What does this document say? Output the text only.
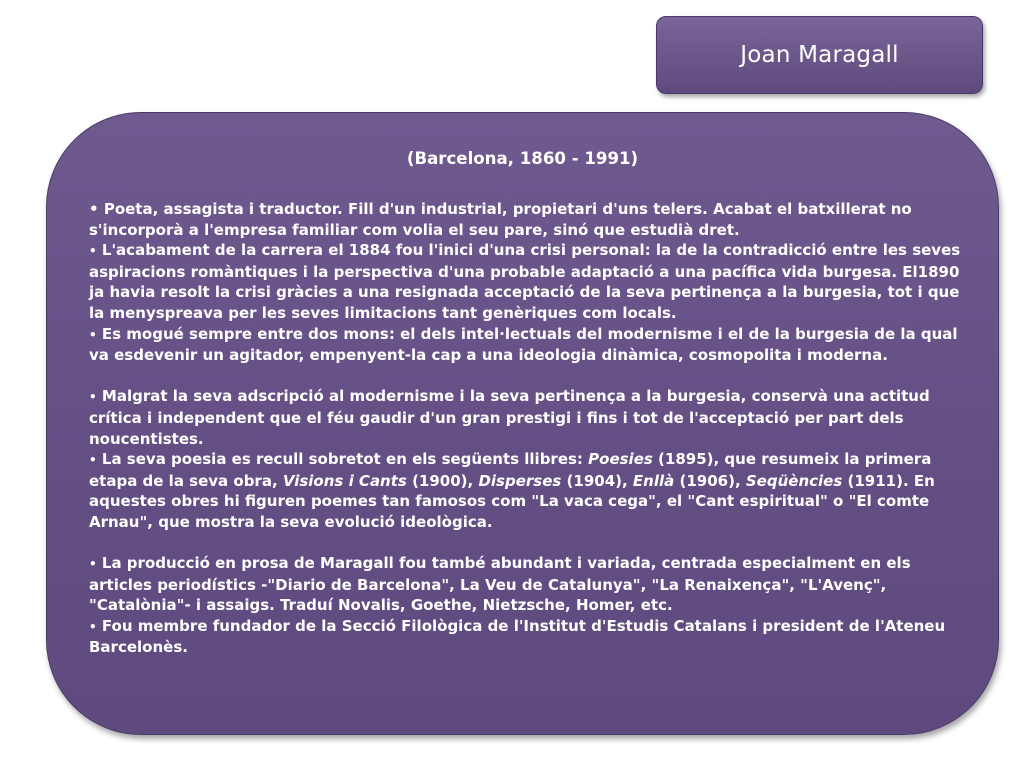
Joan Maragall
(Barcelona, 1860 - 1991)

• Poeta, assagista i traductor. Fill d'un industrial, propietari d'uns telers. Acabat el batxillerat no s'incorporà a l'empresa familiar com volia el seu pare, sinó que estudià dret.

• L'acabament de la carrera el 1884 fou l'inici d'una crisi personal: la de la contradicció entre les seves aspiracions romàntiques i la perspectiva d'una probable adaptació a una pacífica vida burgesa. El1890 ja havia resolt la crisi gràcies a una resignada acceptació de la seva pertinença a la burgesia, tot i que la menyspreava per les seves limitacions tant genèriques com locals.

• Es mogué sempre entre dos mons: el dels intel·lectuals del modernisme i el de la burgesia de la qual va esdevenir un agitador, empenyent-la cap a una ideologia dinàmica, cosmopolita i moderna.

• Malgrat la seva adscripció al modernisme i la seva pertinença a la burgesia, conservà una actitud crítica i independent que el féu gaudir d'un gran prestigi i fins i tot de l'acceptació per part dels noucentistes.

• La seva poesia es recull sobretot en els següents llibres: Poesies (1895), que resumeix la primera etapa de la seva obra, Visions i Cants (1900), Disperses (1904), Enllà (1906), Seqüències (1911). En aquestes obres hi figuren poemes tan famosos com "La vaca cega", el "Cant espiritual" o "El comte Arnau", que mostra la seva evolució ideològica.

• La producció en prosa de Maragall fou també abundant i variada, centrada especialment en els articles periodístics -"Diario de Barcelona", La Veu de Catalunya", "La Renaixença", "L'Avenç", "Catalònia"- i assaigs. Traduí Novalis, Goethe, Nietzsche, Homer, etc.

• Fou membre fundador de la Secció Filològica de l'Institut d'Estudis Catalans i president de l'Ateneu Barcelonès.
